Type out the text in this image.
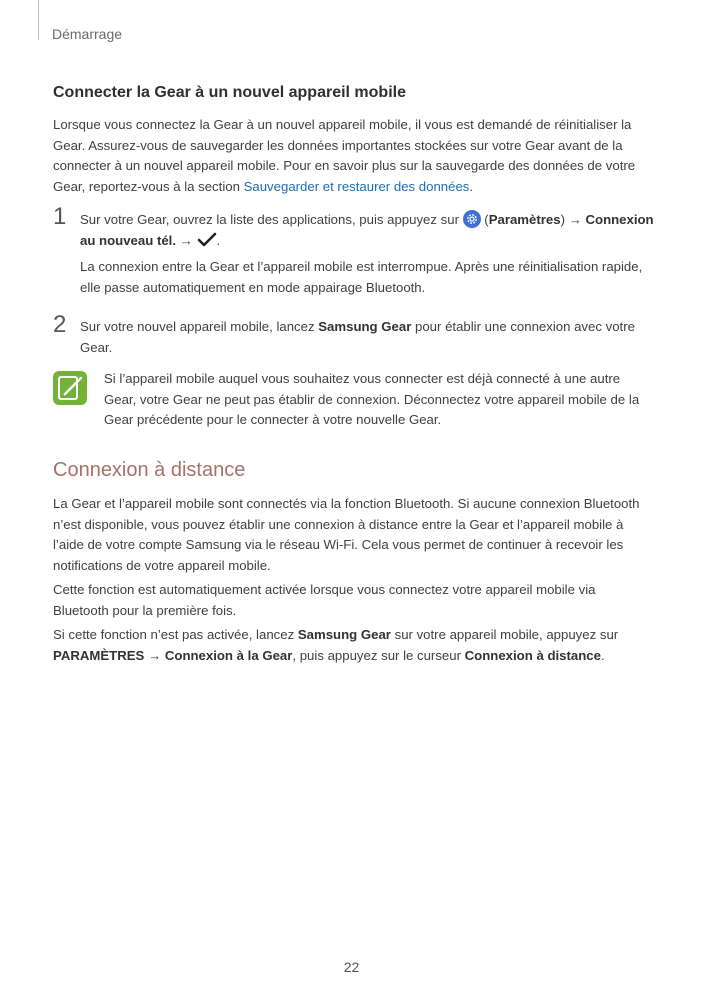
Démarrage
Connecter la Gear à un nouvel appareil mobile
Lorsque vous connectez la Gear à un nouvel appareil mobile, il vous est demandé de réinitialiser la Gear. Assurez-vous de sauvegarder les données importantes stockées sur votre Gear avant de la connecter à un nouvel appareil mobile. Pour en savoir plus sur la sauvegarde des données de votre Gear, reportez-vous à la section Sauvegarder et restaurer des données.
1 Sur votre Gear, ouvrez la liste des applications, puis appuyez sur
(Paramètres) → Connexion au nouveau tél. → .
La connexion entre la Gear et l’appareil mobile est interrompue. Après une réinitialisation rapide, elle passe automatiquement en mode appairage Bluetooth.
2 Sur votre nouvel appareil mobile, lancez Samsung Gear pour établir une connexion avec votre Gear.
Si l’appareil mobile auquel vous souhaitez vous connecter est déjà connecté à une autre Gear, votre Gear ne peut pas établir de connexion. Déconnectez votre appareil mobile de la Gear précédente pour le connecter à votre nouvelle Gear.
Connexion à distance
La Gear et l’appareil mobile sont connectés via la fonction Bluetooth. Si aucune connexion Bluetooth n’est disponible, vous pouvez établir une connexion à distance entre la Gear et l’appareil mobile à l’aide de votre compte Samsung via le réseau Wi-Fi. Cela vous permet de continuer à recevoir les notifications de votre appareil mobile.
Cette fonction est automatiquement activée lorsque vous connectez votre appareil mobile via Bluetooth pour la première fois.
Si cette fonction n’est pas activée, lancez Samsung Gear sur votre appareil mobile, appuyez sur PARAMÈTRES → Connexion à la Gear, puis appuyez sur le curseur Connexion à distance.
22
